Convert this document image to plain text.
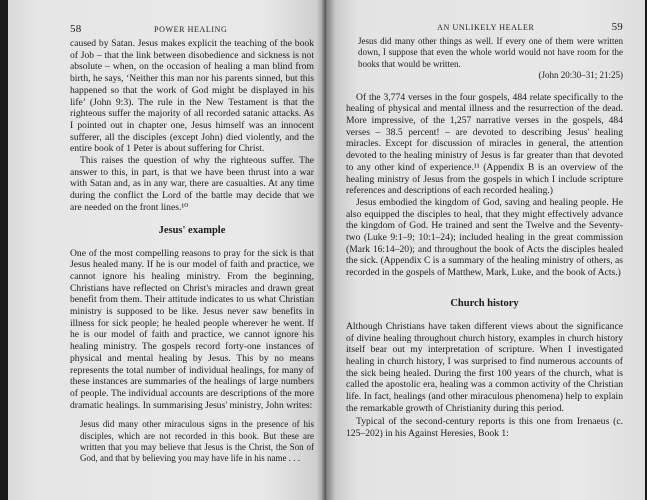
58	POWER HEALING

caused by Satan. Jesus makes explicit the teaching of the book of Job – that the link between disobedience and sickness is not absolute – when, on the occasion of healing a man blind from birth, he says, ‘Neither this man nor his parents sinned, but this happened so that the work of God might be displayed in his life’ (John 9:3). The rule in the New Testament is that the righteous suffer the majority of all recorded satanic attacks. As I pointed out in chapter one, Jesus himself was an innocent sufferer, all the disciples (except John) died violently, and the entire book of 1 Peter is about suffering for Christ.

This raises the question of why the righteous suffer. The answer to this, in part, is that we have been thrust into a war with Satan and, as in any war, there are casualties. At any time during the conflict the Lord of the battle may decide that we are needed on the front lines.¹⁰

Jesus' example

One of the most compelling reasons to pray for the sick is that Jesus healed many. If he is our model of faith and practice, we cannot ignore his healing ministry. From the beginning, Christians have reflected on Christ's miracles and drawn great benefit from them. Their attitude indicates to us what Christian ministry is supposed to be like. Jesus never saw benefits in illness for sick people; he healed people wherever he went. If he is our model of faith and practice, we cannot ignore his healing ministry. The gospels record forty-one instances of physical and mental healing by Jesus. This by no means represents the total number of individual healings, for many of these instances are summaries of the healings of large numbers of people. The individual accounts are descriptions of the more dramatic healings. In summarising Jesus' ministry, John writes:

Jesus did many other miraculous signs in the presence of his disciples, which are not recorded in this book. But these are written that you may believe that Jesus is the Christ, the Son of God, and that by believing you may have life in his name . . .
AN UNLIKELY HEALER	59
Jesus did many other things as well. If every one of them were written down, I suppose that even the whole world would not have room for the books that would be written.
(John 20:30–31; 21:25)

Of the 3,774 verses in the four gospels, 484 relate specifically to the healing of physical and mental illness and the resurrection of the dead. More impressive, of the 1,257 narrative verses in the gospels, 484 verses – 38.5 percent! – are devoted to describing Jesus' healing miracles. Except for discussion of miracles in general, the attention devoted to the healing ministry of Jesus is far greater than that devoted to any other kind of experience.¹¹ (Appendix B is an overview of the healing ministry of Jesus from the gospels in which I include scripture references and descriptions of each recorded healing.)

Jesus embodied the kingdom of God, saving and healing people. He also equipped the disciples to heal, that they might effectively advance the kingdom of God. He trained and sent the Twelve and the Seventy-two (Luke 9:1–9; 10:1–24); included healing in the great commission (Mark 16:14–20); and throughout the book of Acts the disciples healed the sick. (Appendix C is a summary of the healing ministry of others, as recorded in the gospels of Matthew, Mark, Luke, and the book of Acts.)

Church history

Although Christians have taken different views about the significance of divine healing throughout church history, examples in church history itself bear out my interpretation of scripture. When I investigated healing in church history, I was surprised to find numerous accounts of the sick being healed. During the first 100 years of the church, what is called the apostolic era, healing was a common activity of the Christian life. In fact, healings (and other miraculous phenomena) help to explain the remarkable growth of Christianity during this period.

Typical of the second-century reports is this one from Irenaeus (c. 125–202) in his Against Heresies, Book 1:
